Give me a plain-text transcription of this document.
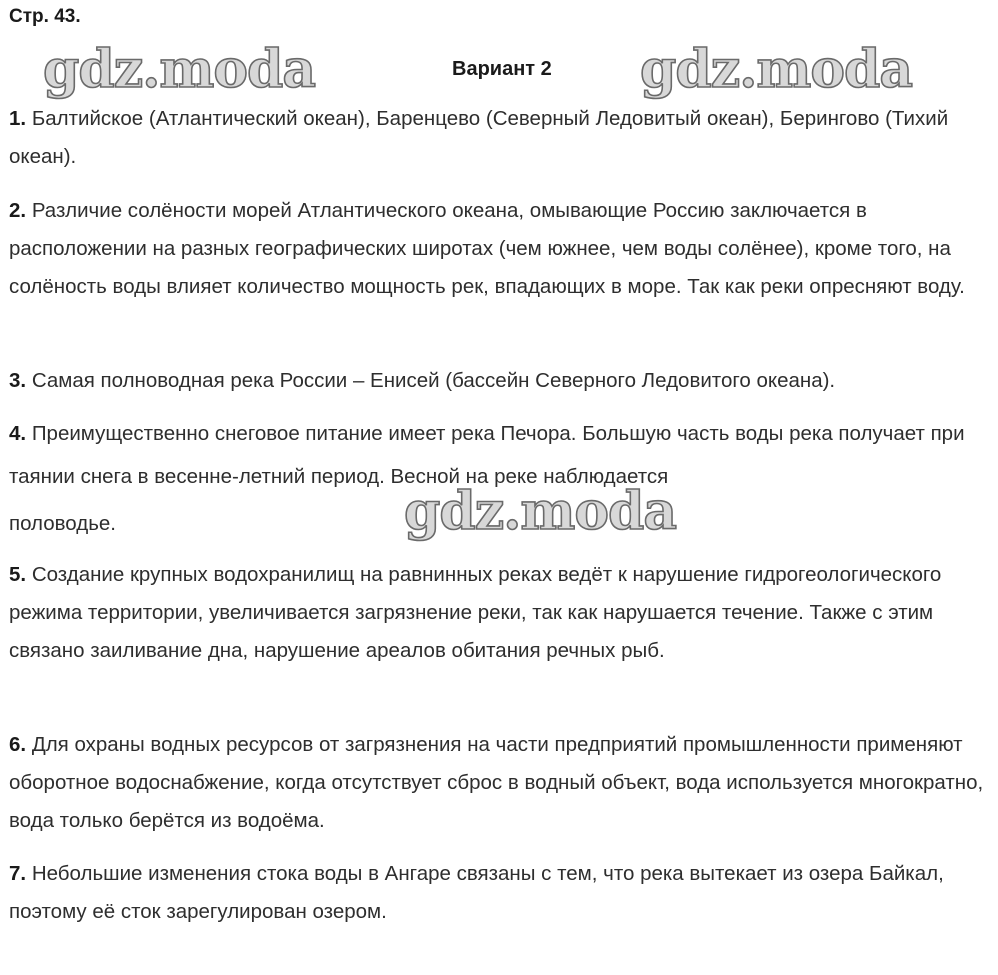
Стр. 43.
gdz.moda	Вариант 2 gdz.moda

1. Балтийское (Атлантический океан), Баренцево (Северный Ледовитый океан), Берингово (Тихий океан).

2. Различие солёности морей Атлантического океана, омывающие Россию заключается в расположении на разных географических широтах (чем южнее, чем воды солёнее), кроме того, на солёность воды влияет количество мощность рек, впадающих в море. Так как реки опресняют воду.

3. Самая полноводная река России – Енисей (бассейн Северного Ледовитого океана).

4. Преимущественно снеговое питание имеет река Печора. Большую часть воды река получает при таянии снега в весенне-летний период. Весной на реке наблюдается
половодье.	gdz.moda

5. Создание крупных водохранилищ на равнинных реках ведёт к нарушение гидрогеологического режима территории, увеличивается загрязнение реки, так как нарушается течение. Также с этим связано заиливание дна, нарушение ареалов обитания речных рыб.

6. Для охраны водных ресурсов от загрязнения на части предприятий промышленности применяют оборотное водоснабжение, когда отсутствует сброс в водный объект, вода используется многократно, вода только берётся из водоёма.

7. Небольшие изменения стока воды в Ангаре связаны с тем, что река вытекает из озера Байкал, поэтому её сток зарегулирован озером.
